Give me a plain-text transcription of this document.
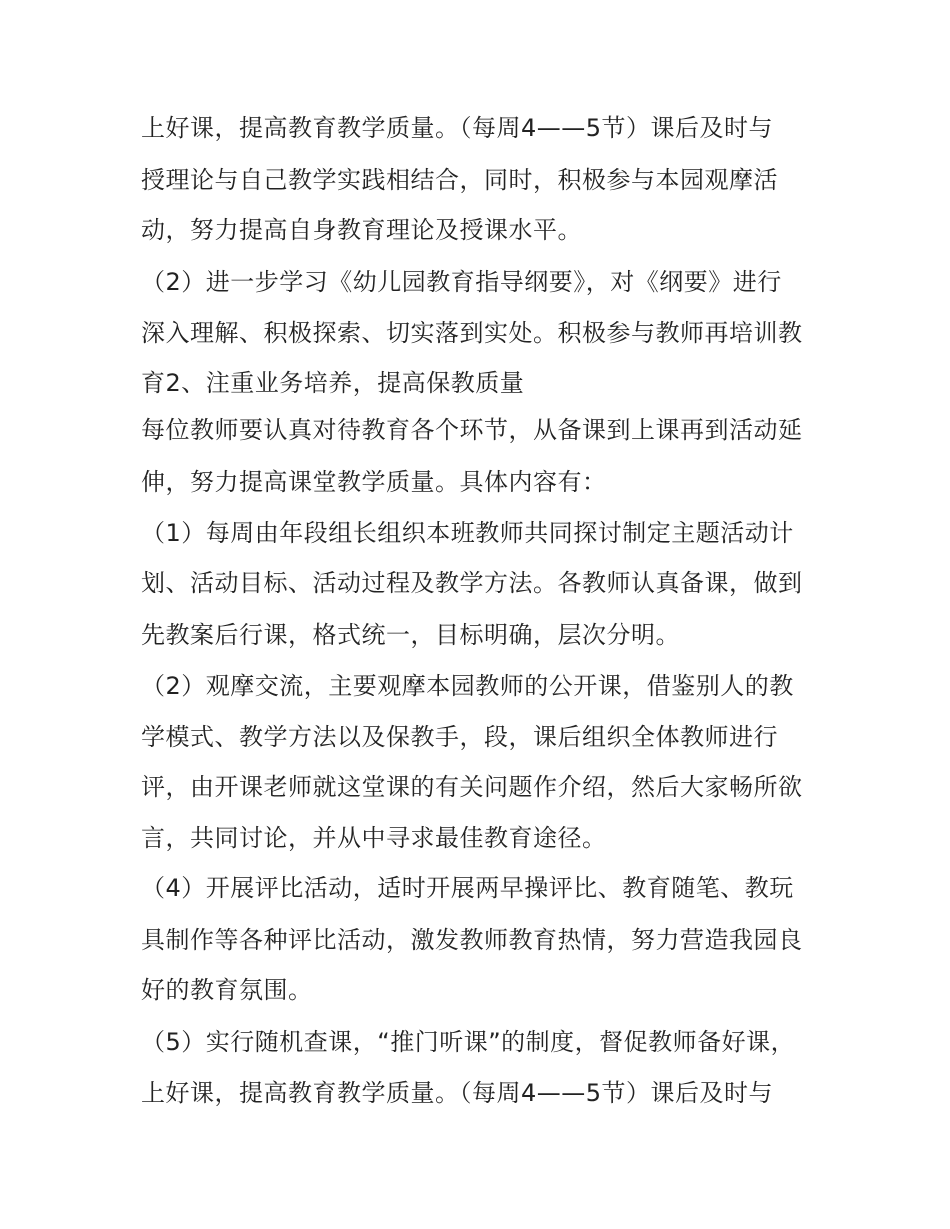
上好课，提高教育教学质量。（每周4——5节）课后及时与
授理论与自己教学实践相结合，同时，积极参与本园观摩活
动，努力提高自身教育理论及授课水平。
（2）进一步学习《幼儿园教育指导纲要》，对《纲要》进行
深入理解、积极探索、切实落到实处。积极参与教师再培训教
育2、注重业务培养，提高保教质量
每位教师要认真对待教育各个环节，从备课到上课再到活动延
伸，努力提高课堂教学质量。具体内容有：
（1）每周由年段组长组织本班教师共同探讨制定主题活动计
划、活动目标、活动过程及教学方法。各教师认真备课，做到
先教案后行课，格式统一，目标明确，层次分明。
（2）观摩交流，主要观摩本园教师的公开课，借鉴别人的教
学模式、教学方法以及保教手，段，课后组织全体教师进行
评，由开课老师就这堂课的有关问题作介绍，然后大家畅所欲
言，共同讨论，并从中寻求最佳教育途径。
（4）开展评比活动，适时开展两早操评比、教育随笔、教玩
具制作等各种评比活动，激发教师教育热情，努力营造我园良
好的教育氛围。
（5）实行随机查课，“推门听课”的制度，督促教师备好课，
上好课，提高教育教学质量。（每周4——5节）课后及时与
